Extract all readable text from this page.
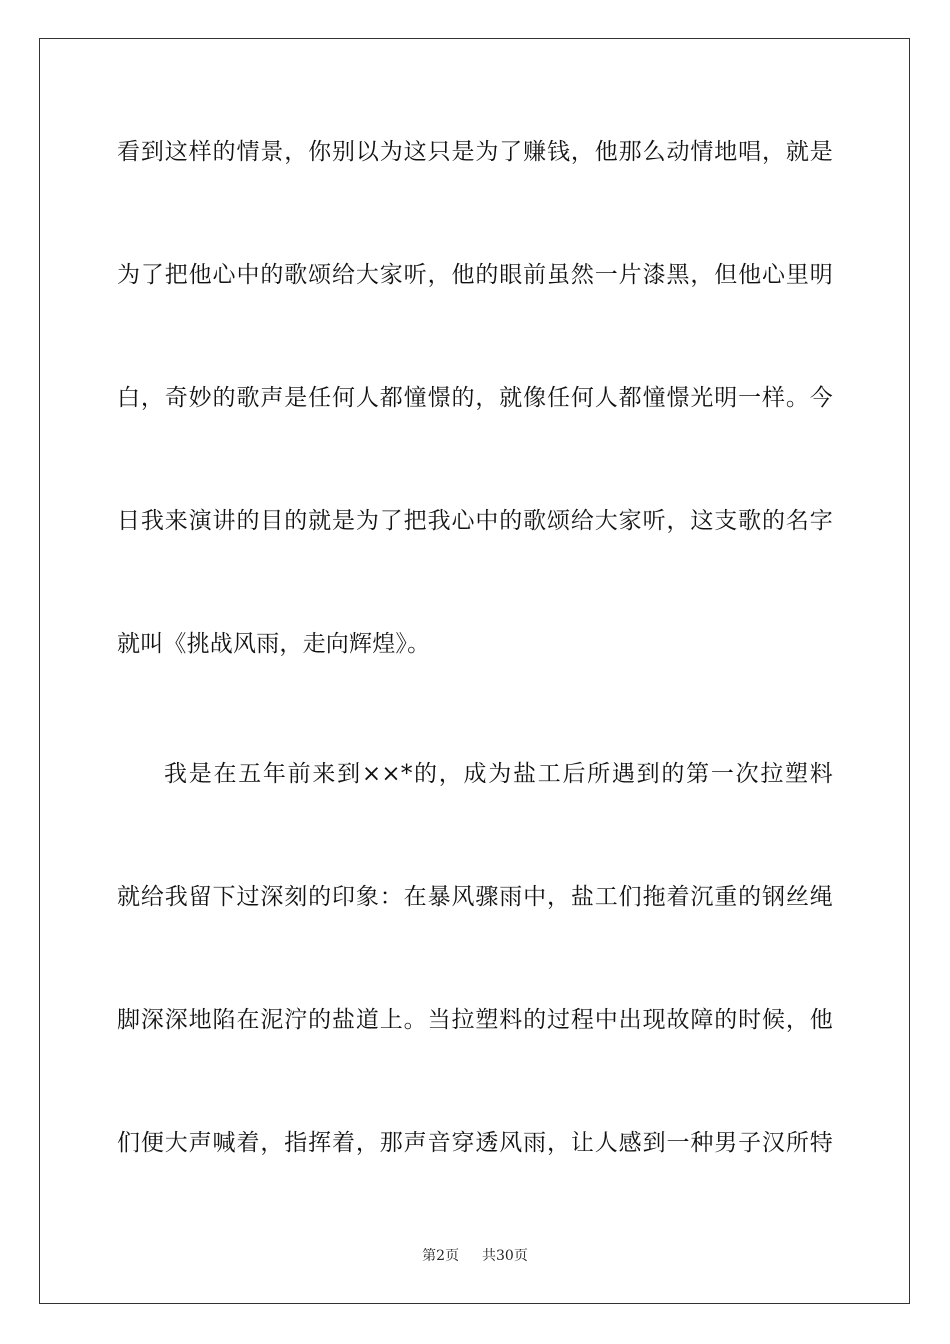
看到这样的情景，你别以为这只是为了赚钱，他那么动情地唱，就是
为了把他心中的歌颂给大家听，他的眼前虽然一片漆黑，但他心里明
白，奇妙的歌声是任何人都憧憬的，就像任何人都憧憬光明一样。今
日我来演讲的目的就是为了把我心中的歌颂给大家听，这支歌的名字
就叫《挑战风雨，走向辉煌》。
我是在五年前来到××*的，成为盐工后所遇到的第一次拉塑料
就给我留下过深刻的印象：在暴风骤雨中，盐工们拖着沉重的钢丝绳
脚深深地陷在泥泞的盐道上。当拉塑料的过程中出现故障的时候，他
们便大声喊着，指挥着，那声音穿透风雨，让人感到一种男子汉所特
第2页 共30页
